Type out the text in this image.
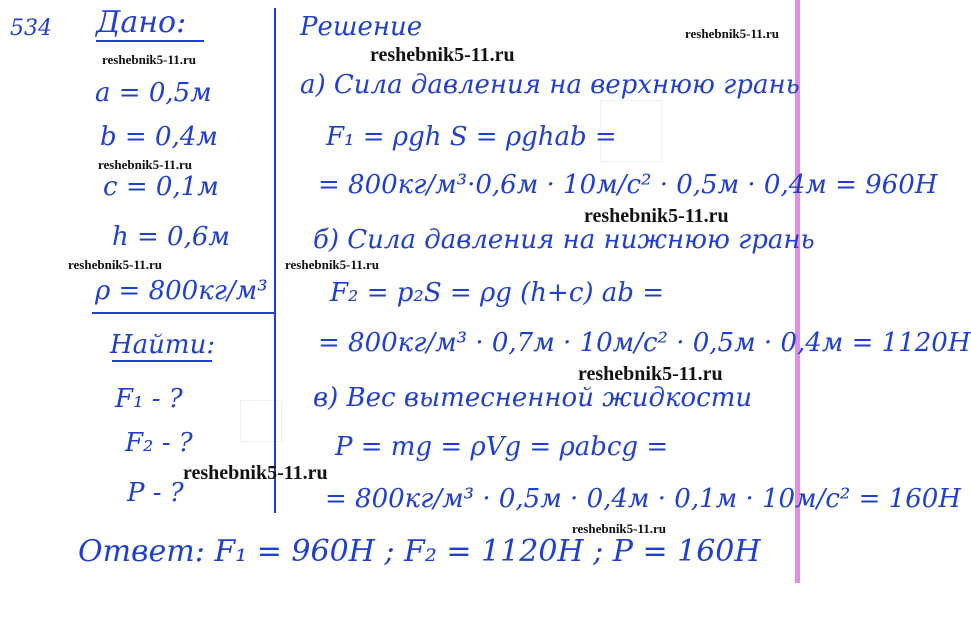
534 Дано:
a = 0,5м
b = 0,4м
c = 0,1м
h = 0,6м
ρ = 800кг/м³
Найти:
F₁ - ?
F₂ - ?
P - ?
Решение
а) Сила давления на верхнюю грань
F₁ = ρgh S = ρghab =
= 800кг/м³·0,6м · 10м/с² · 0,5м · 0,4м = 960Н
б) Сила давления на нижнюю грань
F₂ = p₂S = ρg (h+c) ab =
= 800кг/м³ · 0,7м · 10м/с² · 0,5м · 0,4м = 1120Н
в) Вес вытесненной жидкости
P = mg = ρVg = ρabcg =
= 800кг/м³ · 0,5м · 0,4м · 0,1м · 10м/с² = 160Н
Ответ: F₁ = 960Н ; F₂ = 1120Н ; P = 160Н
reshebnik5-11.ru
reshebnik5-11.ru
reshebnik5-11.ru
reshebnik5-11.ru
reshebnik5-11.ru
reshebnik5-11.ru	reshebnik5-11.ru
reshebnik5-11.ru
reshebnik5-11.ru
reshebnik5-11.ru
